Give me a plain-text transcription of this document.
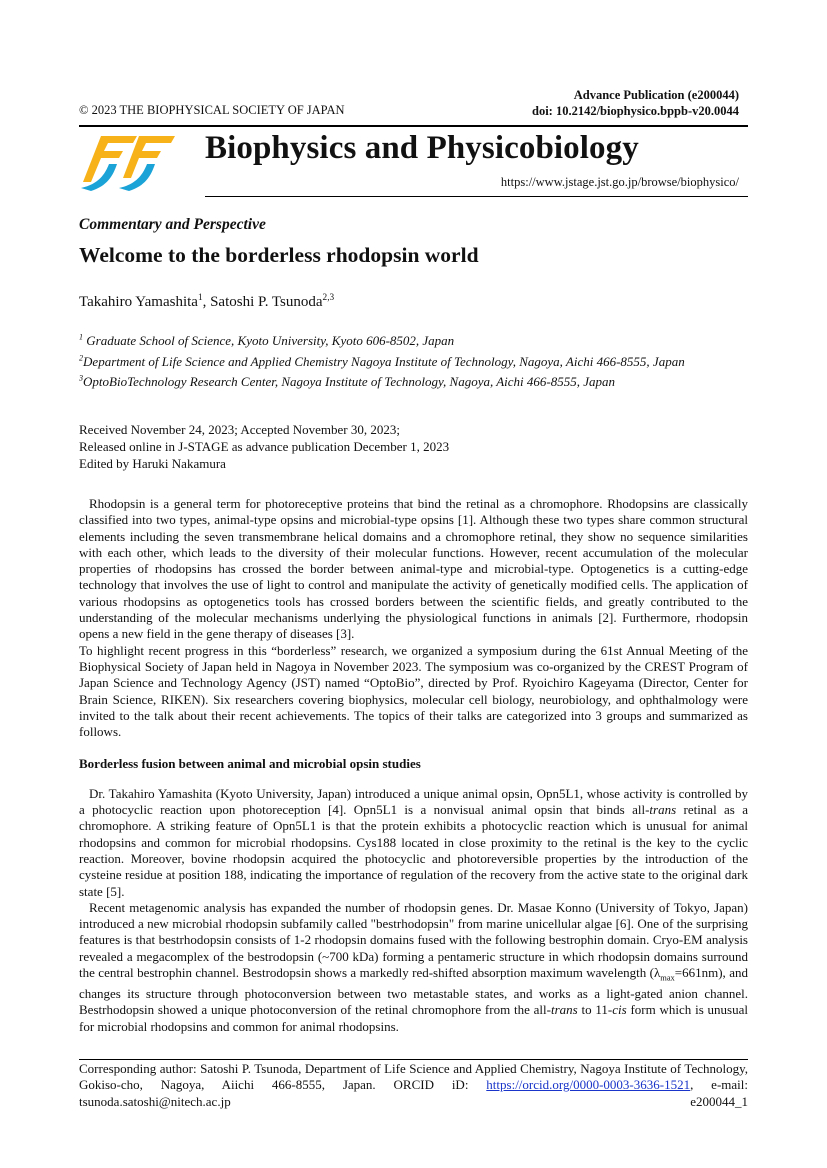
Advance Publication (e200044)
doi: 10.2142/biophysico.bppb-v20.0044
© 2023 THE BIOPHYSICAL SOCIETY OF JAPAN
Biophysics and Physicobiology
https://www.jstage.jst.go.jp/browse/biophysico/
Commentary and Perspective
Welcome to the borderless rhodopsin world
Takahiro Yamashita$^1$, Satoshi P. Tsunoda$^{2,3}$
$^1$ Graduate School of Science, Kyoto University, Kyoto 606-8502, Japan
$^2$Department of Life Science and Applied Chemistry Nagoya Institute of Technology, Nagoya, Aichi 466-8555, Japan
$^3$OptoBioTechnology Research Center, Nagoya Institute of Technology, Nagoya, Aichi 466-8555, Japan
Received November 24, 2023; Accepted November 30, 2023;
Released online in J-STAGE as advance publication December 1, 2023
Edited by Haruki Nakamura

Rhodopsin is a general term for photoreceptive proteins that bind the retinal as a chromophore. Rhodopsins are classically classified into two types, animal-type opsins and microbial-type opsins [1]. Although these two types share common structural elements including the seven transmembrane helical domains and a chromophore retinal, they show no sequence similarities with each other, which leads to the diversity of their molecular functions. However, recent accumulation of the molecular properties of rhodopsins has crossed the border between animal-type and microbial-type. Optogenetics is a cutting-edge technology that involves the use of light to control and manipulate the activity of genetically modified cells. The application of various rhodopsins as optogenetics tools has crossed borders between the scientific fields, and greatly contributed to the understanding of the molecular mechanisms underlying the physiological functions in animals [2]. Furthermore, rhodopsin opens a new field in the gene therapy of diseases [3].

To highlight recent progress in this “borderless” research, we organized a symposium during the 61st Annual Meeting of the Biophysical Society of Japan held in Nagoya in November 2023. The symposium was co-organized by the CREST Program of Japan Science and Technology Agency (JST) named “OptoBio”, directed by Prof. Ryoichiro Kageyama (Director, Center for Brain Science, RIKEN). Six researchers covering biophysics, molecular cell biology, neurobiology, and ophthalmology were invited to the talk about their recent achievements. The topics of their talks are categorized into 3 groups and summarized as follows.

Borderless fusion between animal and microbial opsin studies

Dr. Takahiro Yamashita (Kyoto University, Japan) introduced a unique animal opsin, Opn5L1, whose activity is controlled by a photocyclic reaction upon photoreception [4]. Opn5L1 is a nonvisual animal opsin that binds all-trans retinal as a chromophore. A striking feature of Opn5L1 is that the protein exhibits a photocyclic reaction which is unusual for animal rhodopsins and common for microbial rhodopsins. Cys188 located in close proximity to the retinal is the key to the cyclic reaction. Moreover, bovine rhodopsin acquired the photocyclic and photoreversible properties by the introduction of the cysteine residue at position 188, indicating the importance of regulation of the recovery from the active state to the original dark state [5].

Recent metagenomic analysis has expanded the number of rhodopsin genes. Dr. Masae Konno (University of Tokyo, Japan) introduced a new microbial rhodopsin subfamily called "bestrhodopsin" from marine unicellular algae [6]. One of the surprising features is that bestrhodopsin consists of 1-2 rhodopsin domains fused with the following bestrophin domain. Cryo-EM analysis revealed a megacomplex of the bestrodopsin (~700 kDa) forming a pentameric structure in which rhodopsin domains surround the central bestrophin channel. Bestrodopsin shows a markedly red-shifted absorption maximum wavelength $(\lambda_{max}=661nm)$, and changes its structure through photoconversion between two metastable states, and works as a light-gated anion channel. Bestrhodopsin showed a unique photoconversion of the retinal chromophore from the all-trans to 11-cis form which is unusual for microbial rhodopsins and common for animal rhodopsins.

Corresponding author: Satoshi P. Tsunoda, Department of Life Science and Applied Chemistry, Nagoya Institute of Technology, Gokiso-cho, Nagoya, Aiichi 466-8555, Japan. ORCID iD: https://orcid.org/0000-0003-3636-1521, e-mail: tsunoda.satoshi@nitech.ac.jp	e200044_1
